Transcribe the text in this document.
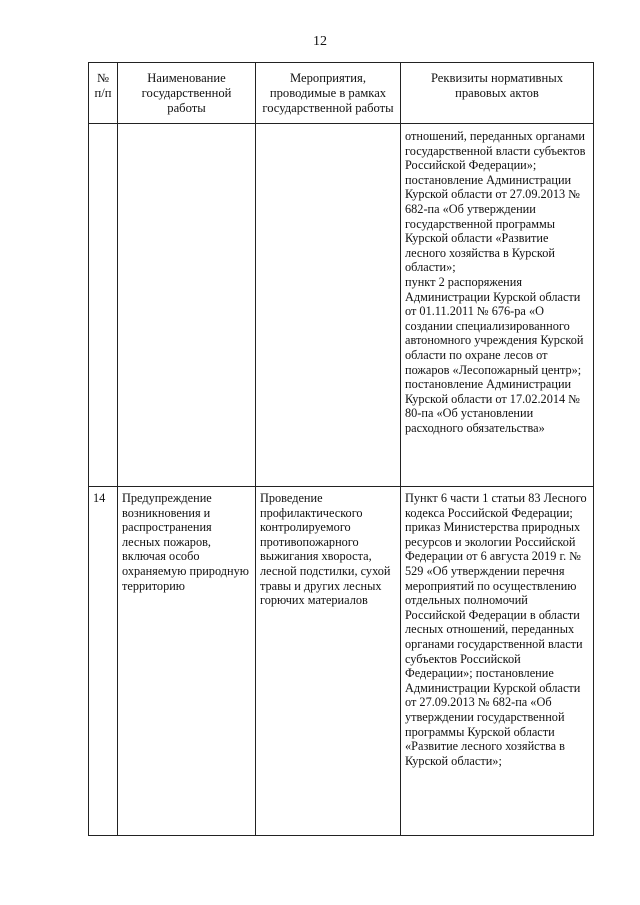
12
№ п/п	Наименование государственной работы	Мероприятия, проводимые в рамках государственной работы	Реквизиты нормативных правовых актов

			отношений, переданных органами государственной власти субъектов Российской Федерации»; постановление Администрации Курской области от 27.09.2013 № 682-па «Об утверждении государственной программы Курской области «Развитие лесного хозяйства в Курской области»;
пункт 2 распоряжения Администрации Курской области от 01.11.2011 № 676-ра «О создании специализированного автономного учреждения Курской области по охране лесов от пожаров «Лесопожарный центр»; постановление Администрации Курской области от 17.02.2014 № 80-па «Об установлении расходного обязательства»

14	Предупреждение возникновения и распространения лесных пожаров, включая особо охраняемую природную территорию	Проведение профилактического контролируемого противопожарного выжигания хвороста, лесной подстилки, сухой травы и других лесных горючих материалов	Пункт 6 части 1 статьи 83 Лесного кодекса Российской Федерации;
приказ Министерства природных ресурсов и экологии Российской Федерации от 6 августа 2019 г. № 529 «Об утверждении перечня мероприятий по осуществлению отдельных полномочий Российской Федерации в области лесных отношений, переданных органами государственной власти субъектов Российской Федерации»; постановление Администрации Курской области от 27.09.2013 № 682-па «Об утверждении государственной программы Курской области «Развитие лесного хозяйства в Курской области»;
